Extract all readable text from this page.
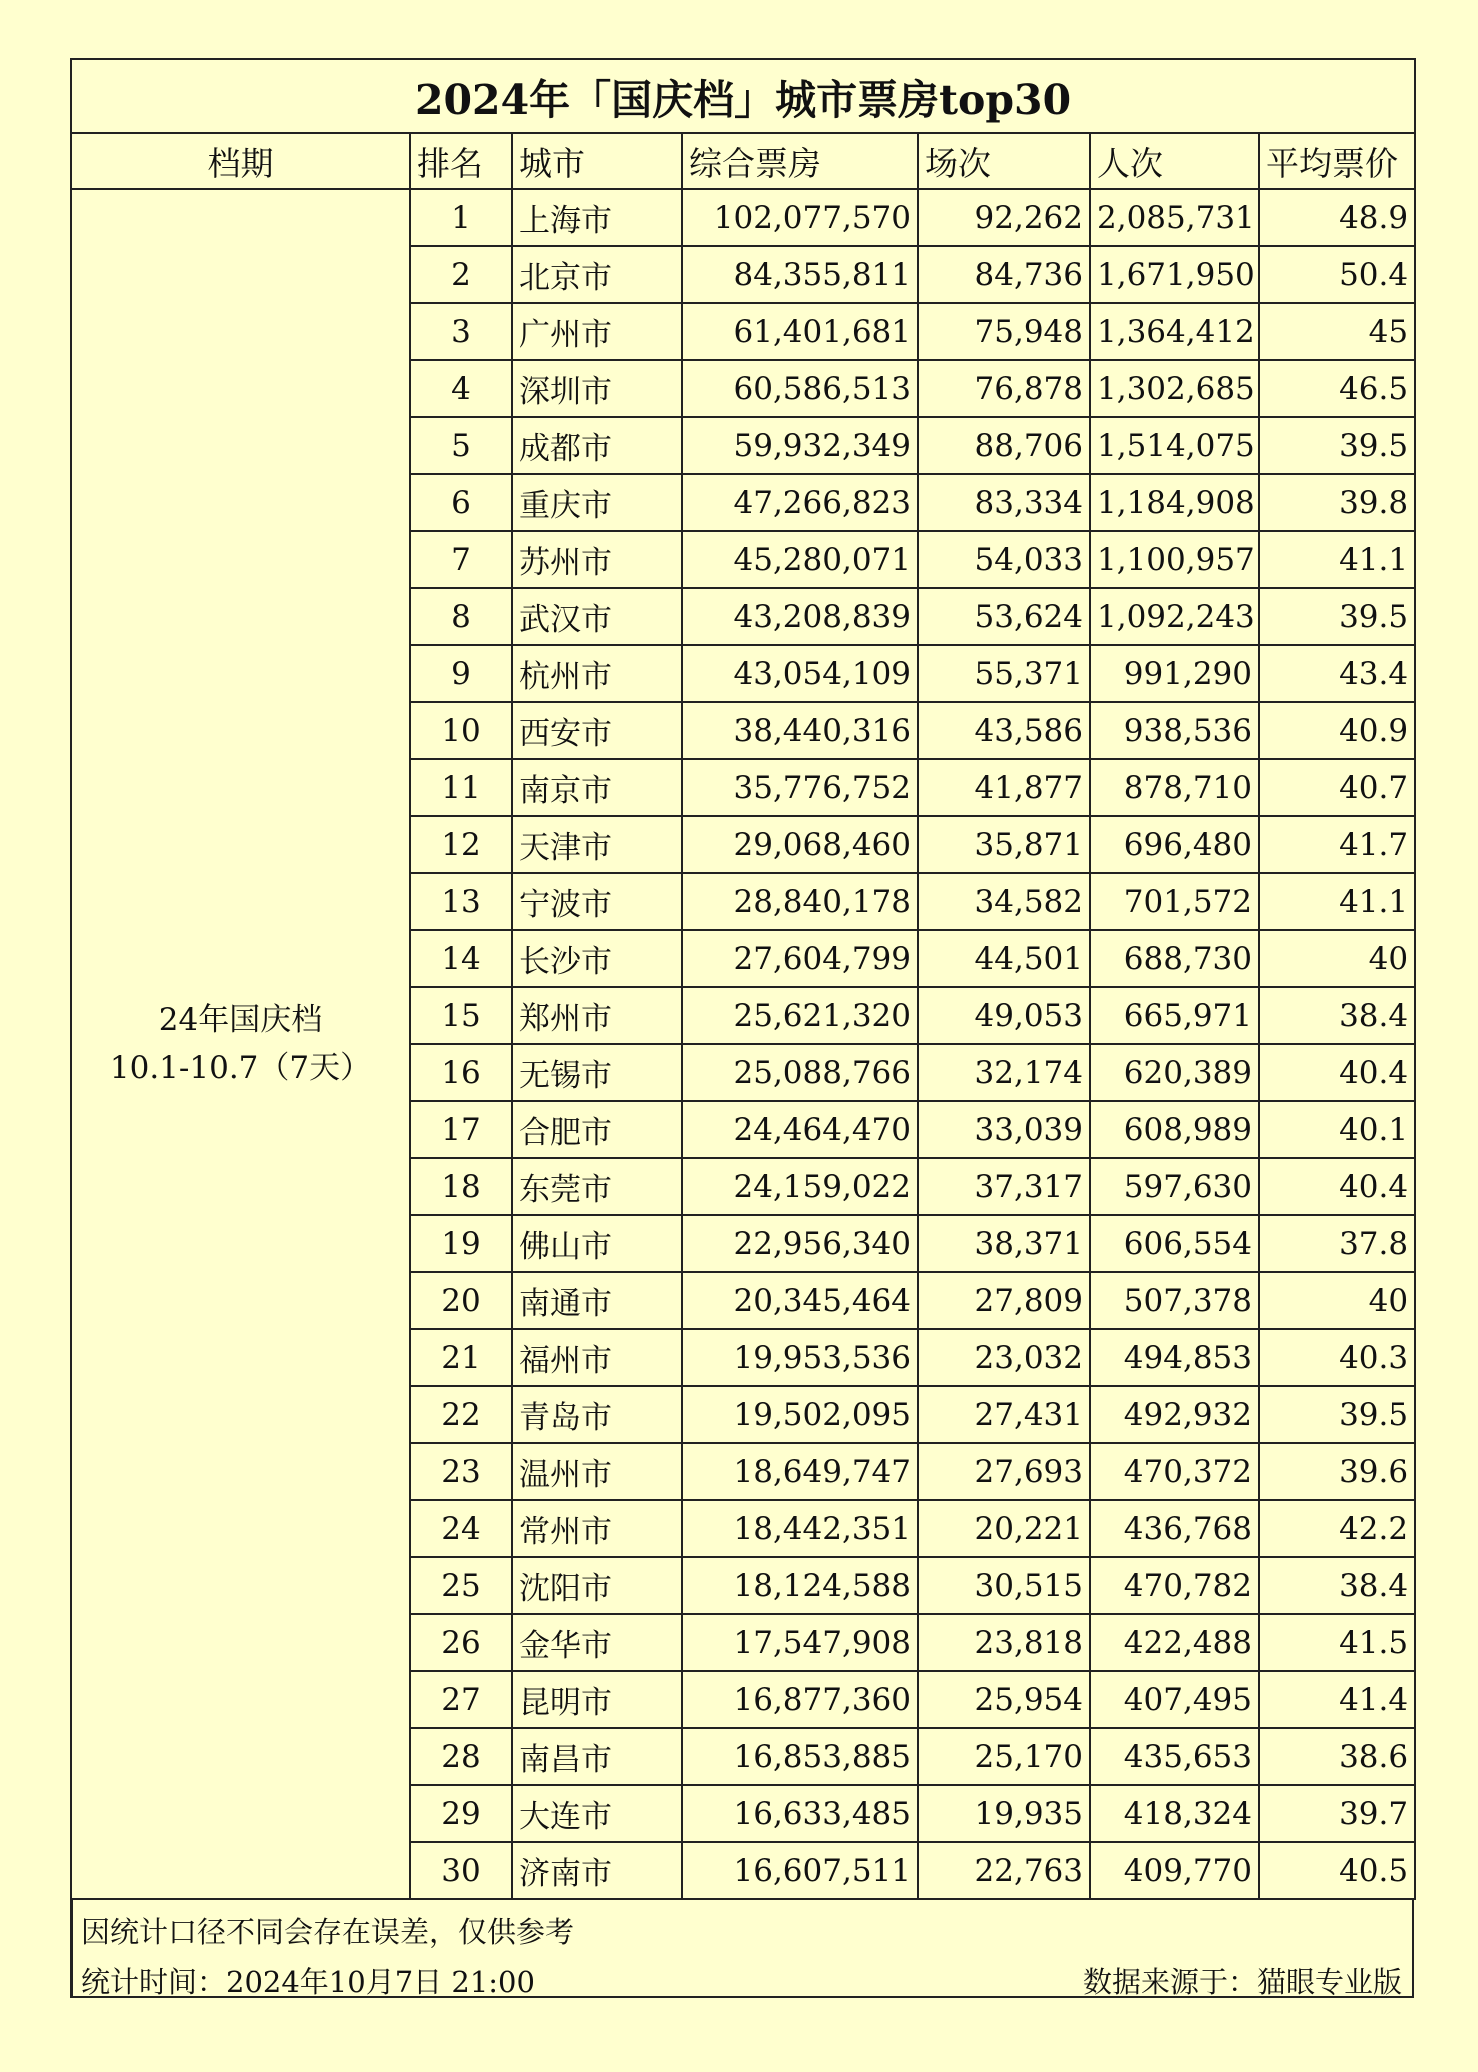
2024年「国庆档」城市票房top30						
档期	排名	城市	综合票房	场次	人次	平均票价

24年国庆档
10.1-10.7（7天）	1	上海市	102,077,570	92,262	2,085,731	48.9
	2	北京市	84,355,811	84,736	1,671,950	50.4
	3	广州市	61,401,681	75,948	1,364,412	45
	4	深圳市	60,586,513	76,878	1,302,685	46.5
	5	成都市	59,932,349	88,706	1,514,075	39.5
	6	重庆市	47,266,823	83,334	1,184,908	39.8
	7	苏州市	45,280,071	54,033	1,100,957	41.1
	8	武汉市	43,208,839	53,624	1,092,243	39.5
	9	杭州市	43,054,109	55,371	991,290	43.4
	10	西安市	38,440,316	43,586	938,536	40.9
	11	南京市	35,776,752	41,877	878,710	40.7
	12	天津市	29,068,460	35,871	696,480	41.7
	13	宁波市	28,840,178	34,582	701,572	41.1
	14	长沙市	27,604,799	44,501	688,730	40
	15	郑州市	25,621,320	49,053	665,971	38.4
	16	无锡市	25,088,766	32,174	620,389	40.4
	17	合肥市	24,464,470	33,039	608,989	40.1
	18	东莞市	24,159,022	37,317	597,630	40.4
	19	佛山市	22,956,340	38,371	606,554	37.8
	20	南通市	20,345,464	27,809	507,378	40
	21	福州市	19,953,536	23,032	494,853	40.3
	22	青岛市	19,502,095	27,431	492,932	39.5
	23	温州市	18,649,747	27,693	470,372	39.6
	24	常州市	18,442,351	20,221	436,768	42.2
	25	沈阳市	18,124,588	30,515	470,782	38.4
	26	金华市	17,547,908	23,818	422,488	41.5
	27	昆明市	16,877,360	25,954	407,495	41.4
	28	南昌市	16,853,885	25,170	435,653	38.6
	29	大连市	16,633,485	19,935	418,324	39.7
	30	济南市	16,607,511	22,763	409,770	40.5
因统计口径不同会存在误差，仅供参考
统计时间：2024年10月7日 21:00	数据来源于：猫眼专业版
